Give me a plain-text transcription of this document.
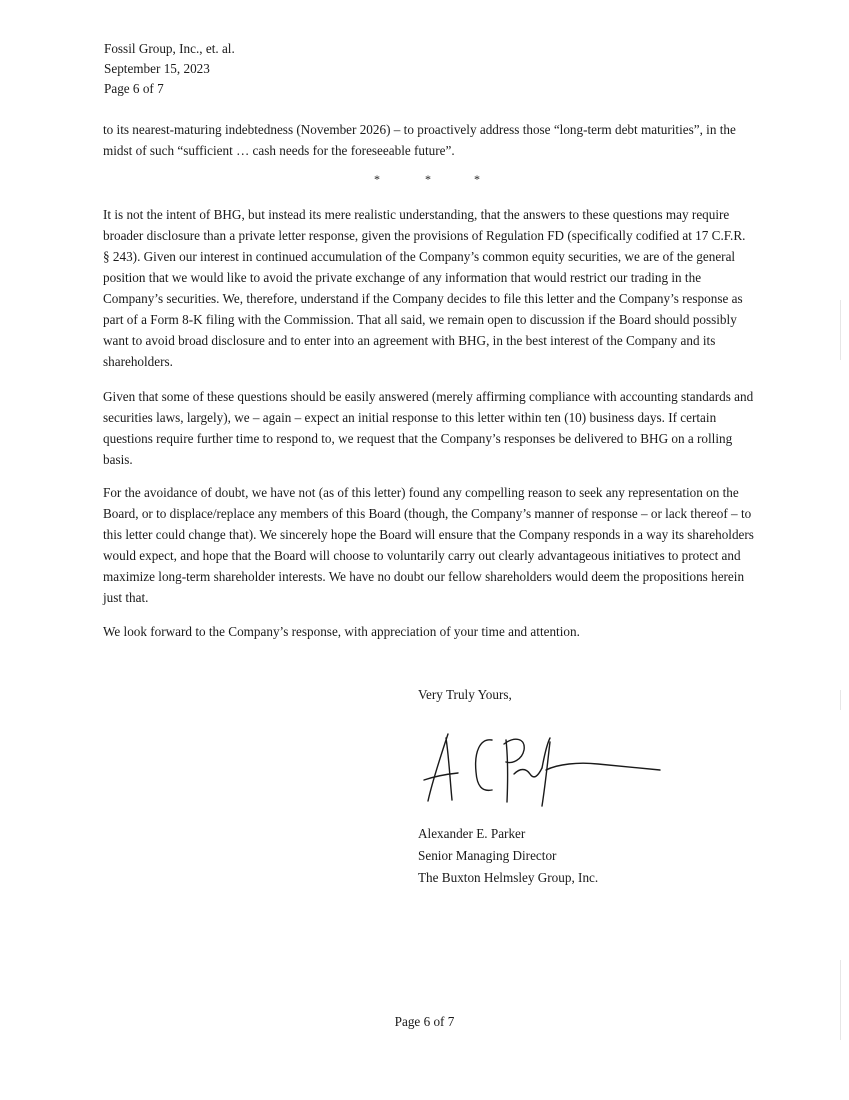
Fossil Group, Inc., et. al.
September 15, 2023
Page 6 of 7

to its nearest-maturing indebtedness (November 2026) – to proactively address those “long-term debt maturities”, in the midst of such “sufficient … cash needs for the foreseeable future”.

*	*	*

It is not the intent of BHG, but instead its mere realistic understanding, that the answers to these questions may require broader disclosure than a private letter response, given the provisions of Regulation FD (specifically codified at 17 C.F.R. § 243). Given our interest in continued accumulation of the Company’s common equity securities, we are of the general position that we would like to avoid the private exchange of any information that would restrict our trading in the Company’s securities. We, therefore, understand if the Company decides to file this letter and the Company’s response as part of a Form 8-K filing with the Commission. That all said, we remain open to discussion if the Board should possibly want to avoid broad disclosure and to enter into an agreement with BHG, in the best interest of the Company and its shareholders.

Given that some of these questions should be easily answered (merely affirming compliance with accounting standards and securities laws, largely), we – again – expect an initial response to this letter within ten (10) business days. If certain questions require further time to respond to, we request that the Company’s responses be delivered to BHG on a rolling basis.

For the avoidance of doubt, we have not (as of this letter) found any compelling reason to seek any representation on the Board, or to displace/replace any members of this Board (though, the Company’s manner of response – or lack thereof – to this letter could change that). We sincerely hope the Board will ensure that the Company responds in a way its shareholders would expect, and hope that the Board will choose to voluntarily carry out clearly advantageous initiatives to protect and maximize long-term shareholder interests. We have no doubt our fellow shareholders would deem the propositions herein just that.

We look forward to the Company’s response, with appreciation of your time and attention.

Very Truly Yours,
Alexander E. Parker
Senior Managing Director
The Buxton Helmsley Group, Inc.
Page 6 of 7
